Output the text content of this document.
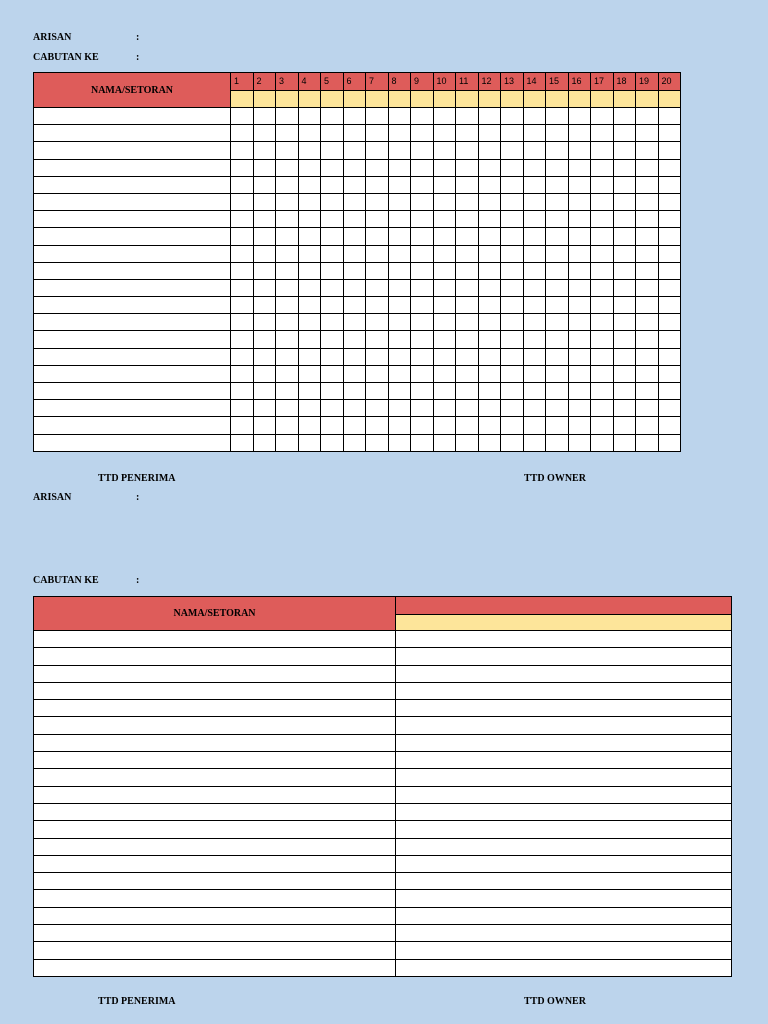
ARISAN	:
CABUTAN KE	:
NAMA/SETORAN	1	2	3	4	5	6	7	8	9	10	11	12	13	14	15	16	17	18	19	20

TTD PENERIMA	TTD OWNER
ARISAN	:
CABUTAN KE	:
NAMA/SETORAN	

TTD PENERIMA	TTD OWNER
